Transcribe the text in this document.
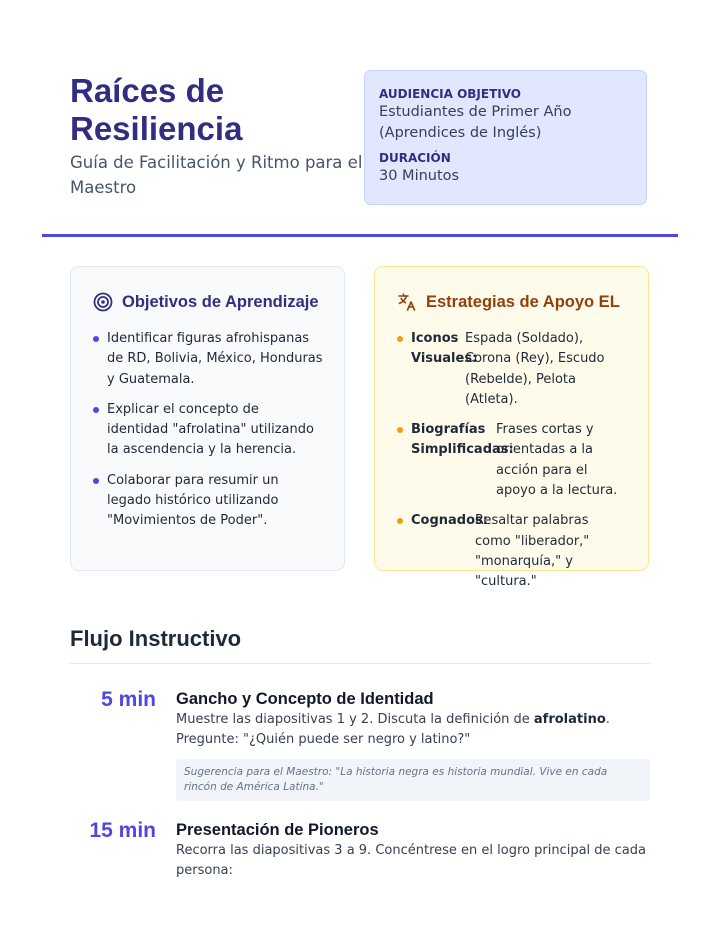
Raíces de Resiliencia

Guía de Facilitación y Ritmo para el Maestro

AUDIENCIA OBJETIVO
Estudiantes de Primer Año (Aprendices de Inglés)
DURACIÓN
30 Minutos
Objetivos de Aprendizaje
Identificar figuras afrohispanas de RD, Bolivia, México, Honduras y Guatemala.
Explicar el concepto de identidad "afrolatina" utilizando la ascendencia y la herencia.
Colaborar para resumir un legado histórico utilizando "Movimientos de Poder".
Estrategias de Apoyo EL
Iconos Visuales:
Espada (Soldado), Corona (Rey), Escudo (Rebelde), Pelota (Atleta).
Biografías Simplificadas:
Frases cortas y orientadas a la acción para el apoyo a la lectura.
Cognados:
Resaltar palabras como "liberador," "monarquía," y "cultura."
Flujo Instructivo
5 min Gancho y Concepto de Identidad
Muestre las diapositivas 1 y 2. Discuta la definición de afrolatino. Pregunte: "¿Quién puede ser negro y latino?"
Sugerencia para el Maestro: "La historia negra es historia mundial. Vive en cada rincón de América Latina."
15 min Presentación de Pioneros
Recorra las diapositivas 3 a 9. Concéntrese en el logro principal de cada persona:
